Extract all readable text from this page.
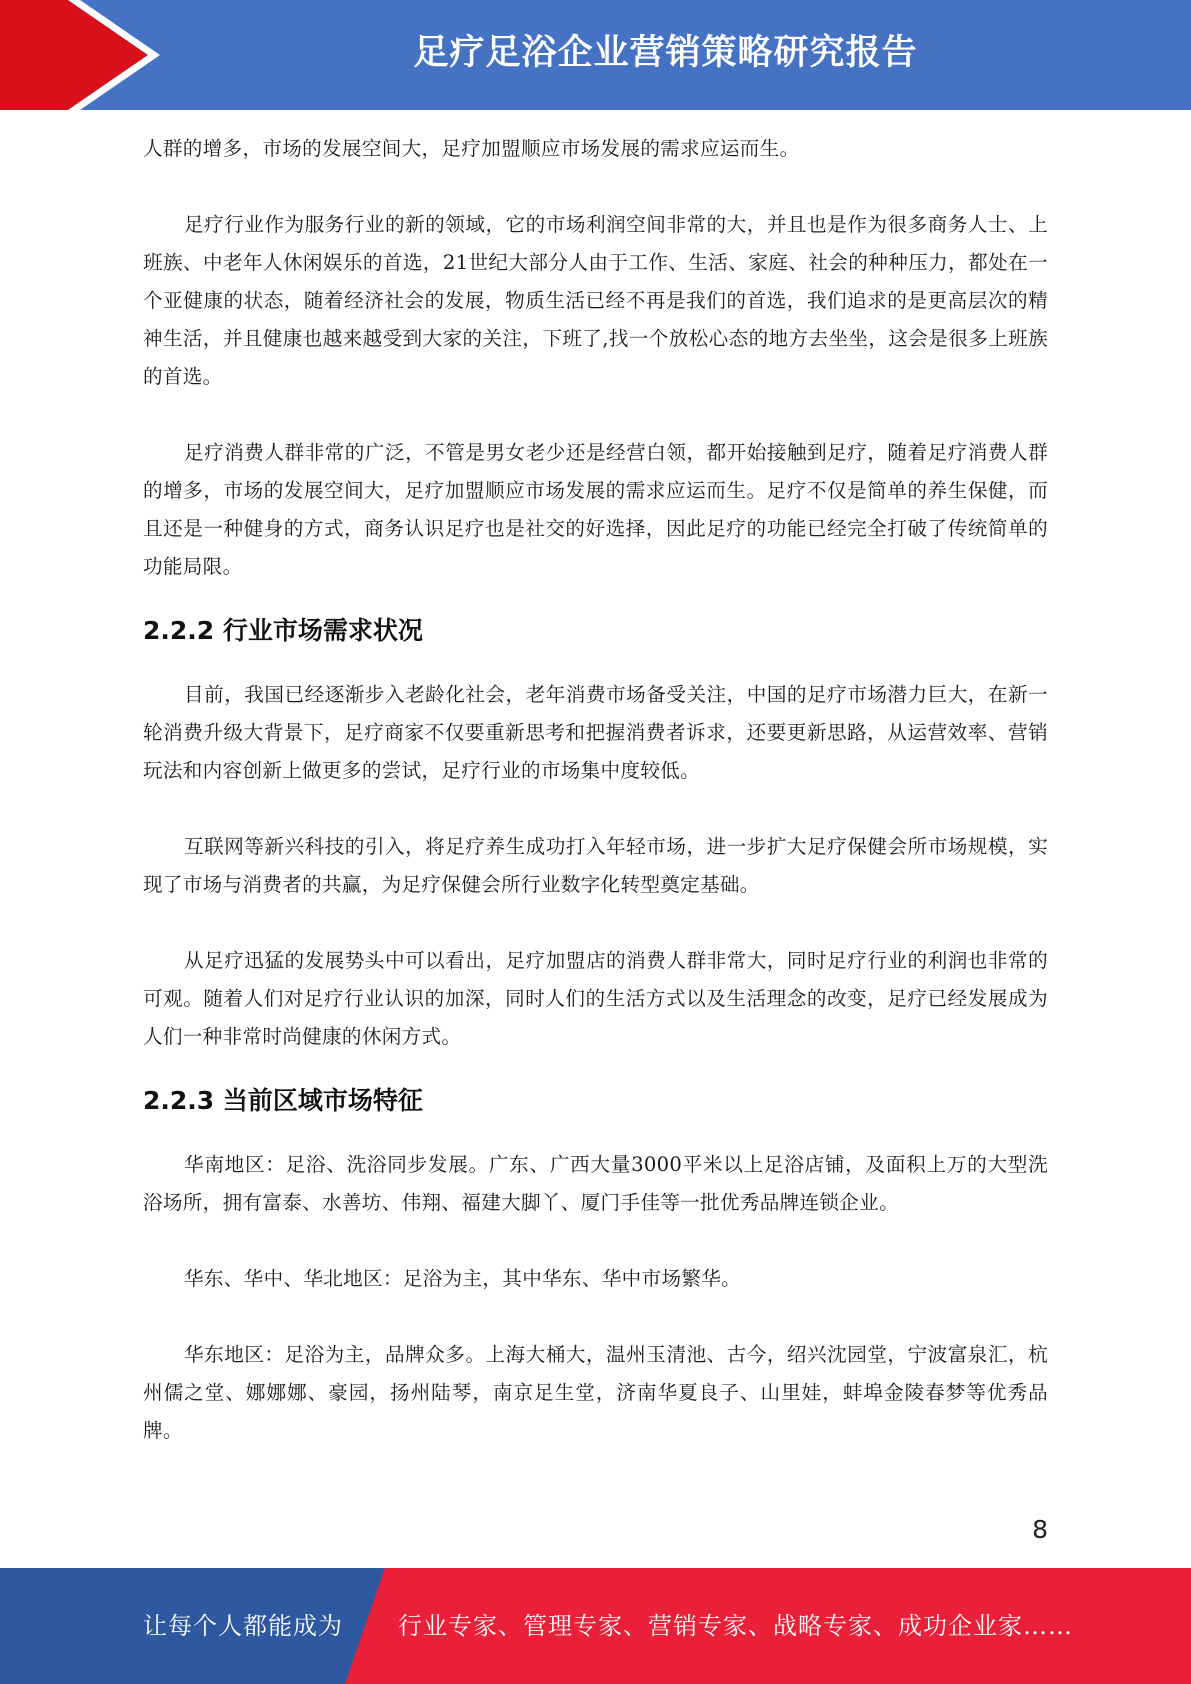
足疗足浴企业营销策略研究报告

人群的增多，市场的发展空间大，足疗加盟顺应市场发展的需求应运而生。

足疗行业作为服务行业的新的领域，它的市场利润空间非常的大，并且也是作为很多商务人士、上班族、中老年人休闲娱乐的首选，21世纪大部分人由于工作、生活、家庭、社会的种种压力，都处在一个亚健康的状态，随着经济社会的发展，物质生活已经不再是我们的首选，我们追求的是更高层次的精神生活，并且健康也越来越受到大家的关注，下班了,找一个放松心态的地方去坐坐，这会是很多上班族的首选。

足疗消费人群非常的广泛，不管是男女老少还是经营白领，都开始接触到足疗，随着足疗消费人群的增多，市场的发展空间大，足疗加盟顺应市场发展的需求应运而生。足疗不仅是简单的养生保健，而且还是一种健身的方式，商务认识足疗也是社交的好选择，因此足疗的功能已经完全打破了传统简单的功能局限。

2.2.2 行业市场需求状况

目前，我国已经逐渐步入老龄化社会，老年消费市场备受关注，中国的足疗市场潜力巨大，在新一轮消费升级大背景下，足疗商家不仅要重新思考和把握消费者诉求，还要更新思路，从运营效率、营销玩法和内容创新上做更多的尝试，足疗行业的市场集中度较低。

互联网等新兴科技的引入，将足疗养生成功打入年轻市场，进一步扩大足疗保健会所市场规模，实现了市场与消费者的共赢，为足疗保健会所行业数字化转型奠定基础。

从足疗迅猛的发展势头中可以看出，足疗加盟店的消费人群非常大，同时足疗行业的利润也非常的可观。随着人们对足疗行业认识的加深，同时人们的生活方式以及生活理念的改变，足疗已经发展成为人们一种非常时尚健康的休闲方式。

2.2.3 当前区域市场特征

华南地区：足浴、洗浴同步发展。广东、广西大量3000平米以上足浴店铺，及面积上万的大型洗浴场所，拥有富泰、水善坊、伟翔、福建大脚丫、厦门手佳等一批优秀品牌连锁企业。

华东、华中、华北地区：足浴为主，其中华东、华中市场繁华。

华东地区：足浴为主，品牌众多。上海大桶大，温州玉清池、古今，绍兴沈园堂，宁波富泉汇，杭州儒之堂、娜娜娜、豪园，扬州陆琴，南京足生堂，济南华夏良子、山里娃，蚌埠金陵春梦等优秀品牌。

8
让每个人都能成为 行业专家、管理专家、营销专家、战略专家、成功企业家……
